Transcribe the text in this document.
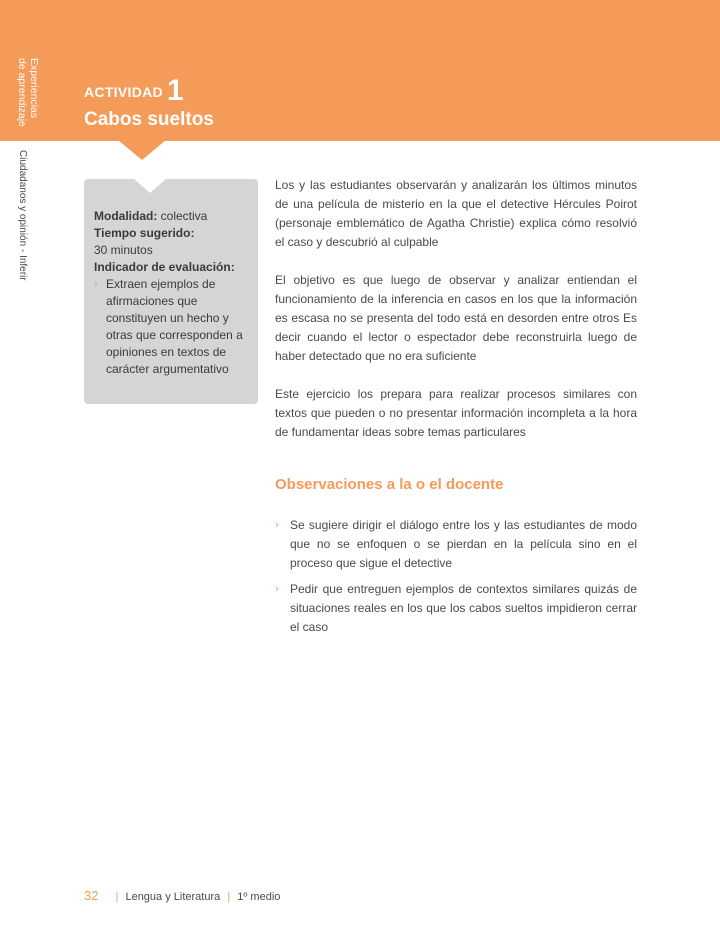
Experiencias
de aprendizaje
Ciudadanos y opinión - Inferir
ACTIVIDAD 1
Cabos sueltos
Modalidad: colectiva
Tiempo sugerido:
30 minutos
Indicador de evaluación:
› Extraen ejemplos de afirmaciones que constituyen un hecho y otras que corresponden a opiniones en textos de carácter argumentativo

Los y las estudiantes observarán y analizarán los últimos minutos de una película de misterio en la que el detective Hércules Poirot (personaje emblemático de Agatha Christie) explica cómo resolvió el caso y descubrió al culpable

El objetivo es que luego de observar y analizar entiendan el funcionamiento de la inferencia en casos en los que la información es escasa no se presenta del todo está en desorden entre otros Es decir cuando el lector o espectador debe reconstruirla luego de haber detectado que no era suficiente

Este ejercicio los prepara para realizar procesos similares con textos que pueden o no presentar información incompleta a la hora de fundamentar ideas sobre temas particulares

Observaciones a la o el docente
› Se sugiere dirigir el diálogo entre los y las estudiantes de modo que no se enfoquen o se pierdan en la película sino en el proceso que sigue el detective
› Pedir que entreguen ejemplos de contextos similares quizás de situaciones reales en los que los cabos sueltos impidieron cerrar el caso
32 | Lengua y Literatura | 1º medio
